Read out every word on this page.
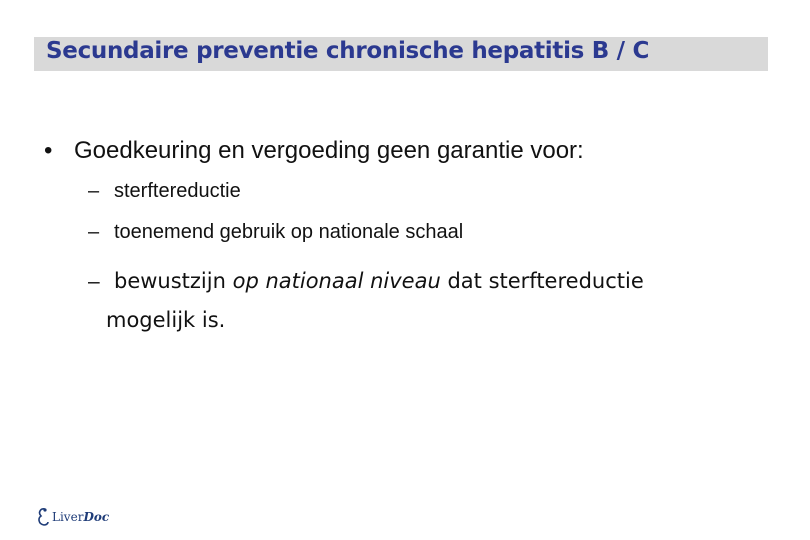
Secundaire preventie chronische hepatitis B / C
• Goedkeuring en vergoeding geen garantie voor:
– sterftereductie
– toenemend gebruik op nationale schaal
– bewustzijn op nationaal niveau dat sterftereductie
mogelijk is.
LiverDoc
